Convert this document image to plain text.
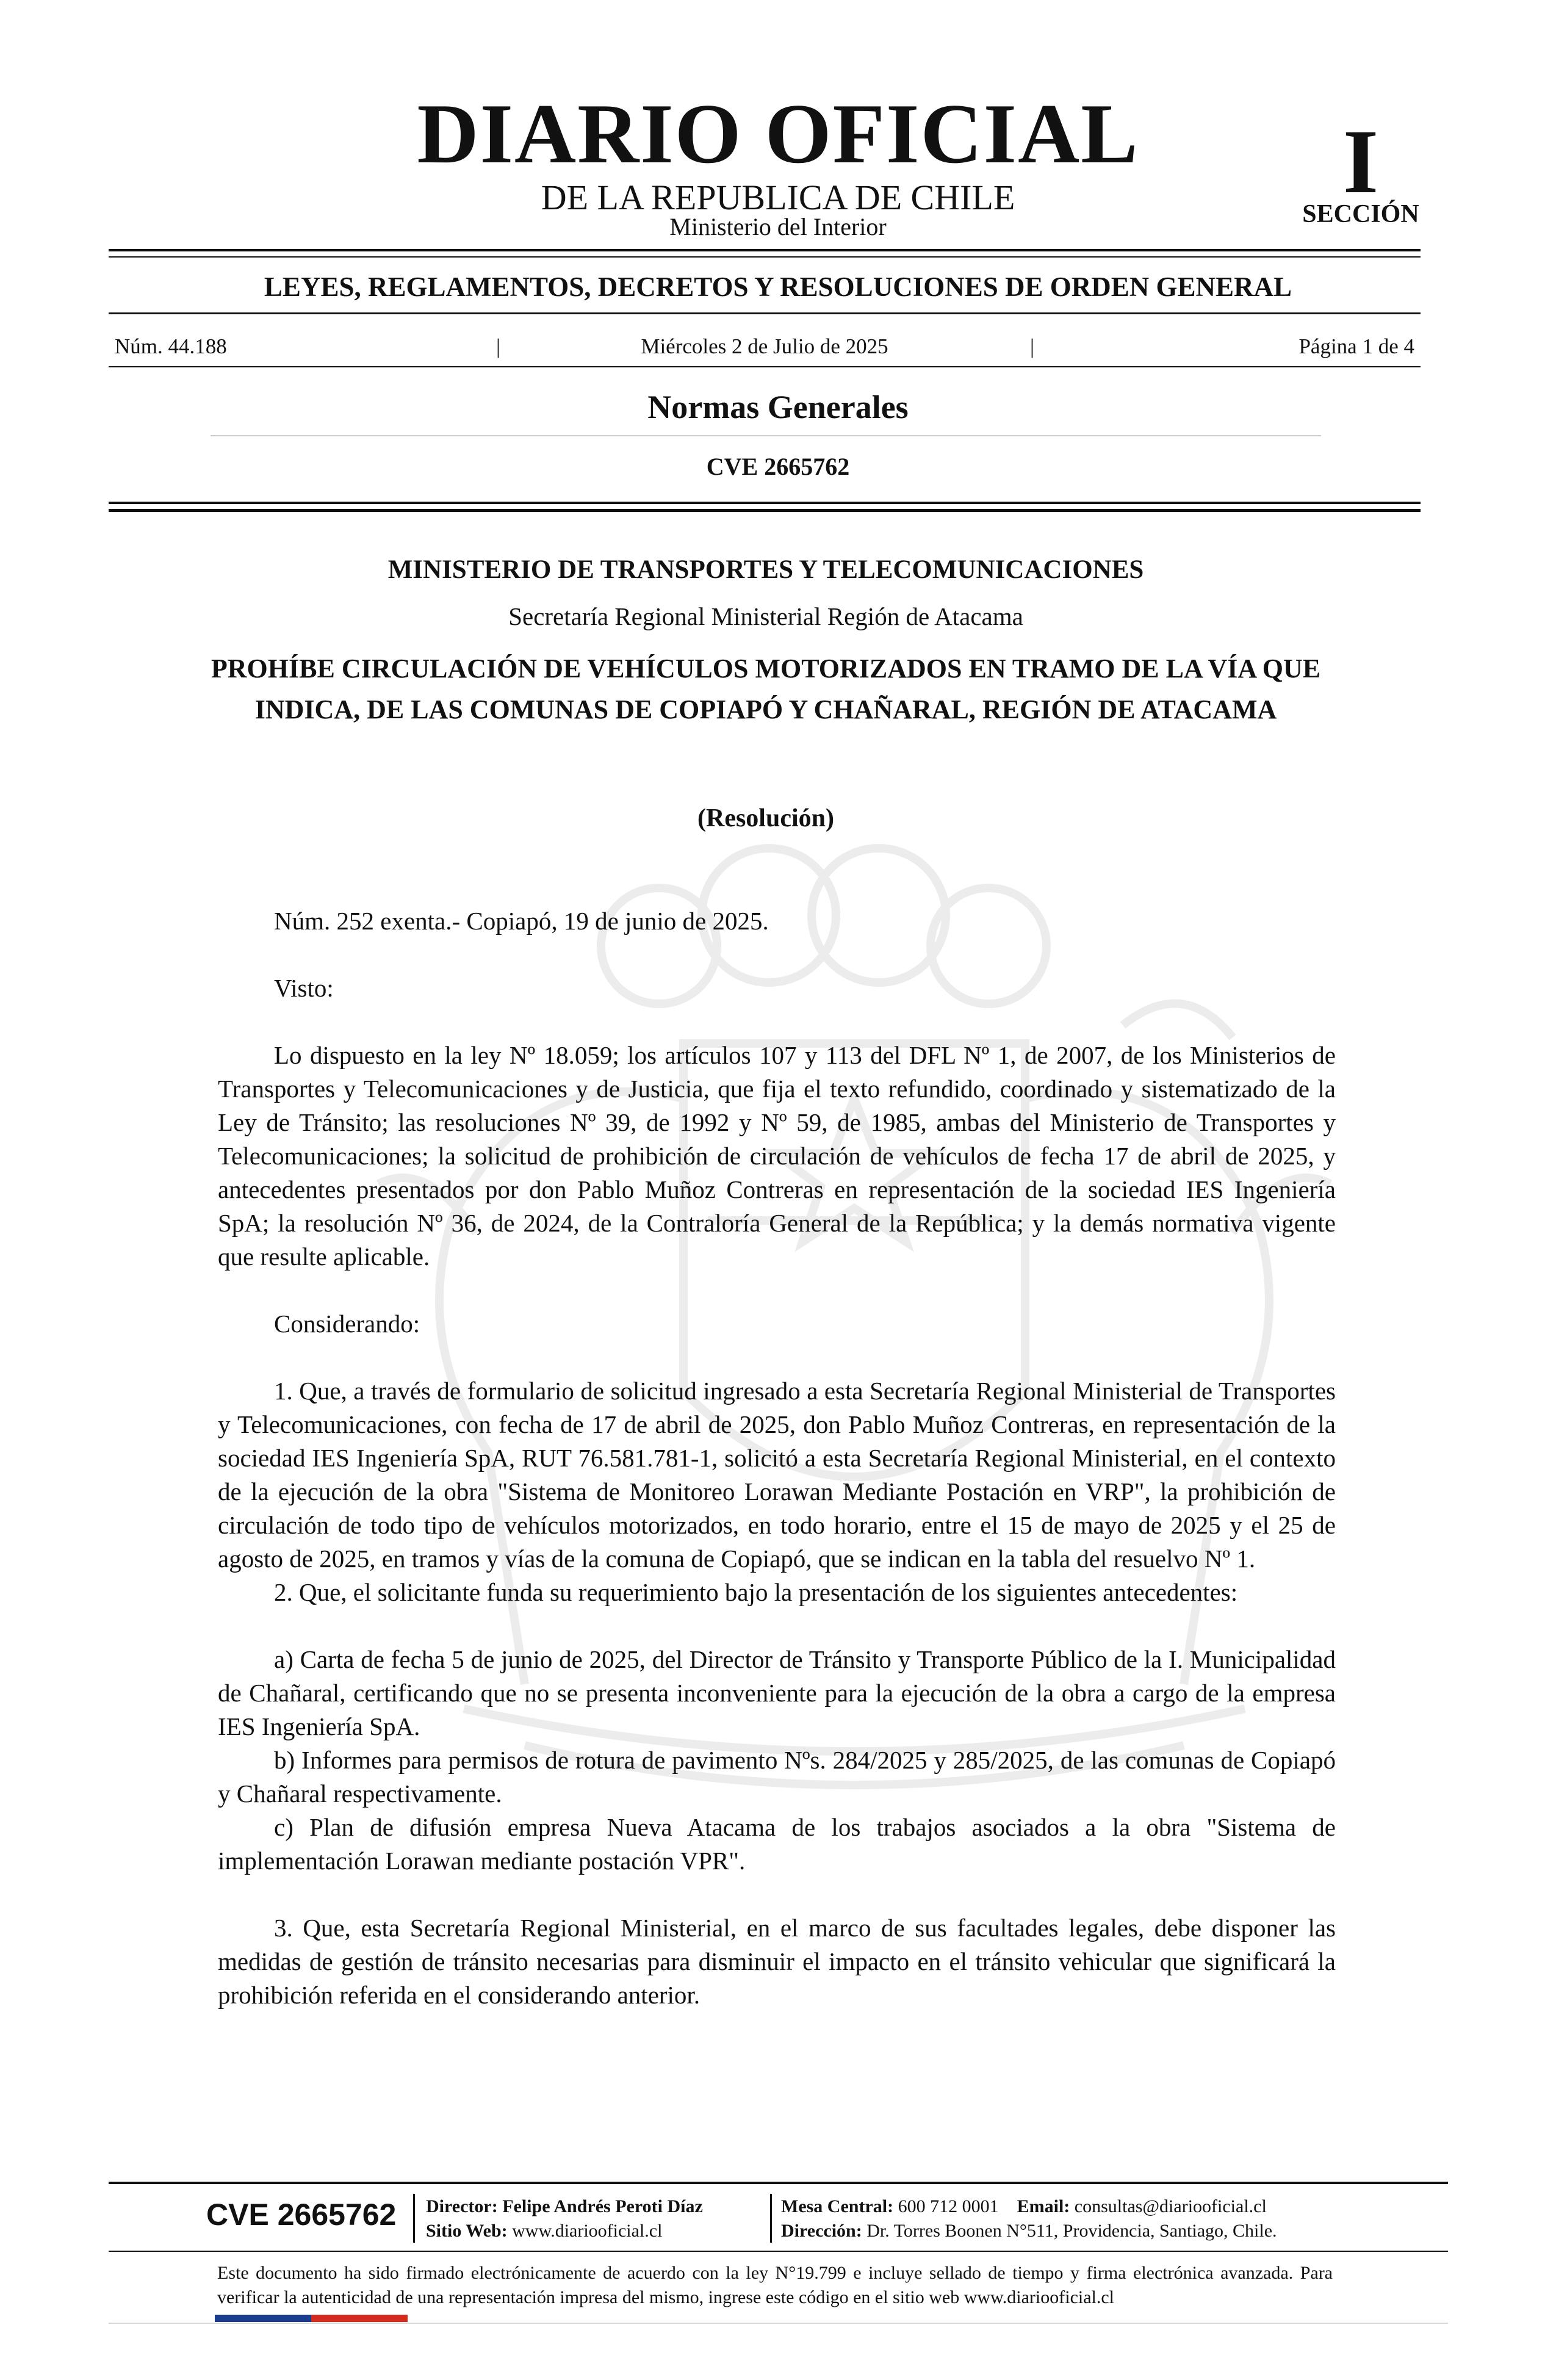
DIARIO OFICIAL
DE LA REPUBLICA DE CHILE
Ministerio del Interior
I
SECCIÓN
LEYES, REGLAMENTOS, DECRETOS Y RESOLUCIONES DE ORDEN GENERAL
Núm. 44.188	|	Miércoles 2 de Julio de 2025	|	Página 1 de 4
Normas Generales
CVE 2665762
MINISTERIO DE TRANSPORTES Y TELECOMUNICACIONES
Secretaría Regional Ministerial Región de Atacama
PROHÍBE CIRCULACIÓN DE VEHÍCULOS MOTORIZADOS EN TRAMO DE LA VÍA QUE INDICA, DE LAS COMUNAS DE COPIAPÓ Y CHAÑARAL, REGIÓN DE ATACAMA
(Resolución)

Núm. 252 exenta.- Copiapó, 19 de junio de 2025.

Visto:

Lo dispuesto en la ley Nº 18.059; los artículos 107 y 113 del DFL Nº 1, de 2007, de los Ministerios de Transportes y Telecomunicaciones y de Justicia, que fija el texto refundido, coordinado y sistematizado de la Ley de Tránsito; las resoluciones Nº 39, de 1992 y Nº 59, de 1985, ambas del Ministerio de Transportes y Telecomunicaciones; la solicitud de prohibición de circulación de vehículos de fecha 17 de abril de 2025, y antecedentes presentados por don Pablo Muñoz Contreras en representación de la sociedad IES Ingeniería SpA; la resolución Nº 36, de 2024, de la Contraloría General de la República; y la demás normativa vigente que resulte aplicable.

Considerando:

1. Que, a través de formulario de solicitud ingresado a esta Secretaría Regional Ministerial de Transportes y Telecomunicaciones, con fecha de 17 de abril de 2025, don Pablo Muñoz Contreras, en representación de la sociedad IES Ingeniería SpA, RUT 76.581.781-1, solicitó a esta Secretaría Regional Ministerial, en el contexto de la ejecución de la obra "Sistema de Monitoreo Lorawan Mediante Postación en VRP", la prohibición de circulación de todo tipo de vehículos motorizados, en todo horario, entre el 15 de mayo de 2025 y el 25 de agosto de 2025, en tramos y vías de la comuna de Copiapó, que se indican en la tabla del resuelvo Nº 1.

2. Que, el solicitante funda su requerimiento bajo la presentación de los siguientes antecedentes:

a) Carta de fecha 5 de junio de 2025, del Director de Tránsito y Transporte Público de la I. Municipalidad de Chañaral, certificando que no se presenta inconveniente para la ejecución de la obra a cargo de la empresa IES Ingeniería SpA.

b) Informes para permisos de rotura de pavimento Nºs. 284/2025 y 285/2025, de las comunas de Copiapó y Chañaral respectivamente.

c) Plan de difusión empresa Nueva Atacama de los trabajos asociados a la obra "Sistema de implementación Lorawan mediante postación VPR".

3. Que, esta Secretaría Regional Ministerial, en el marco de sus facultades legales, debe disponer las medidas de gestión de tránsito necesarias para disminuir el impacto en el tránsito vehicular que significará la prohibición referida en el considerando anterior.

CVE 2665762 Director: Felipe Andrés Peroti Díaz
Sitio Web: www.diariooficial.cl
Mesa Central: 600 712 0001 Email: consultas@diariooficial.cl
Dirección: Dr. Torres Boonen N°511, Providencia, Santiago, Chile.
Este documento ha sido firmado electrónicamente de acuerdo con la ley N°19.799 e incluye sellado de tiempo y firma electrónica avanzada. Para verificar la autenticidad de una representación impresa del mismo, ingrese este código en el sitio web www.diariooficial.cl
